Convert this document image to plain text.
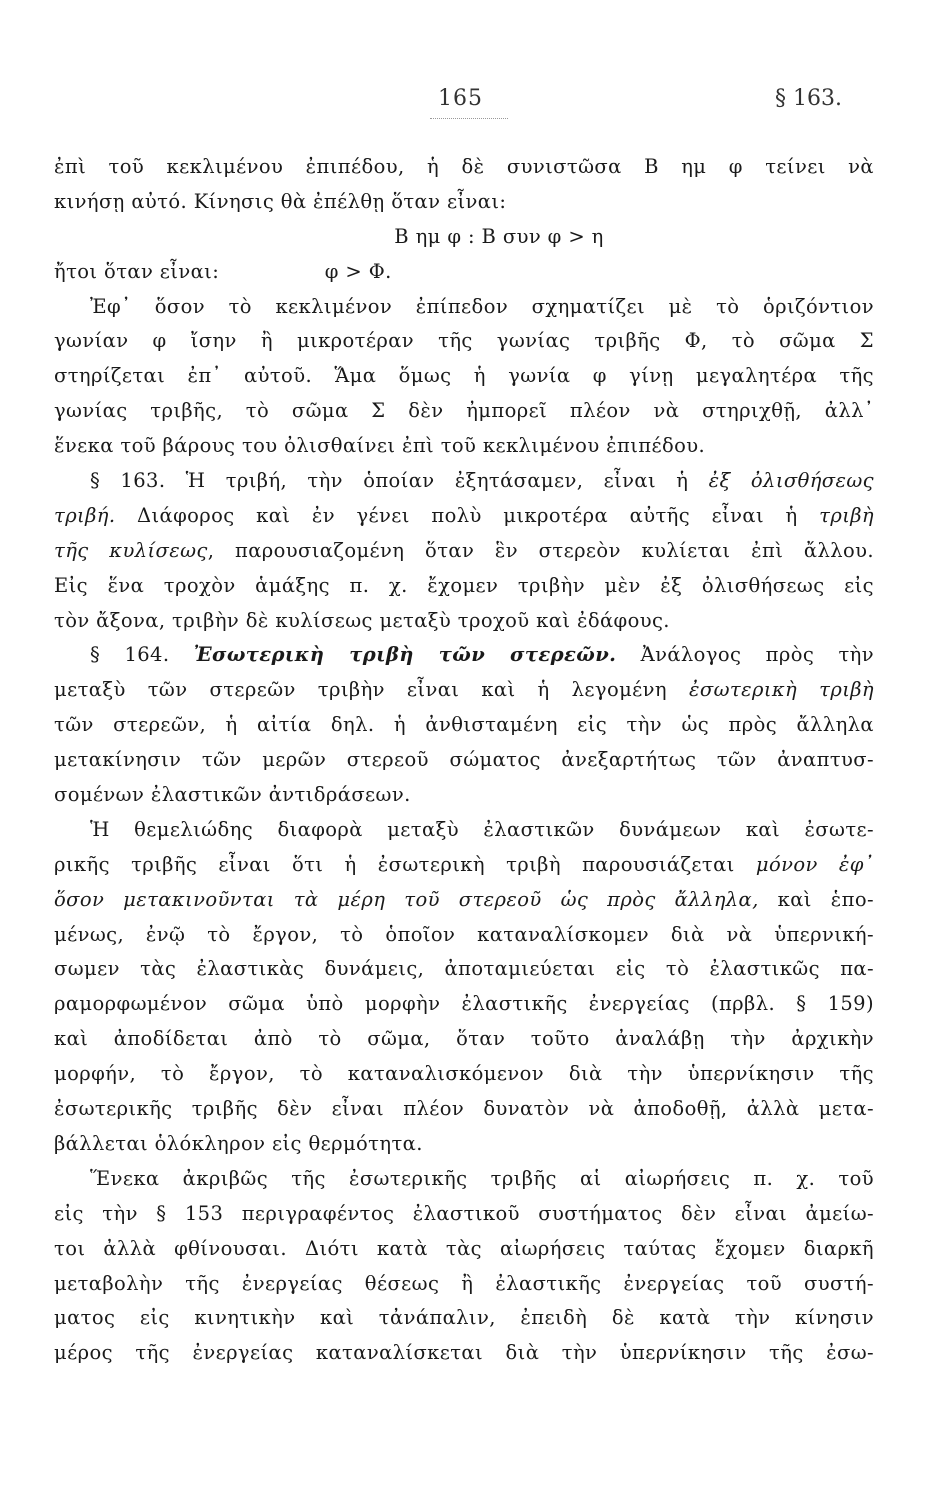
165	§ 163.
ἐπὶ τοῦ κεκλιμένου ἐπιπέδου, ἡ δὲ συνιστῶσα B ημ φ τείνει νὰ
κινήσῃ αὐτό. Κίνησις θὰ ἐπέλθῃ ὅταν εἶναι:
B ημ φ : B συν φ > η
ἤτοι ὅταν εἶναι:                φ > Φ.
Ἐφ᾽ ὅσον τὸ κεκλιμένον ἐπίπεδον σχηματίζει μὲ τὸ ὁριζόντιον
γωνίαν φ ἴσην ἢ μικροτέραν τῆς γωνίας τριβῆς Φ, τὸ σῶμα Σ
στηρίζεται ἐπ᾽ αὐτοῦ. Ἅμα ὅμως ἡ γωνία φ γίνῃ μεγαλητέρα τῆς
γωνίας τριβῆς, τὸ σῶμα Σ δὲν ἠμπορεῖ πλέον νὰ στηριχθῇ, ἀλλ᾽
ἕνεκα τοῦ βάρους του ὀλισθαίνει ἐπὶ τοῦ κεκλιμένου ἐπιπέδου.
§ 163. Ἡ τριβή, τὴν ὁποίαν ἐξητάσαμεν, εἶναι ἡ ἐξ ὀλισθήσεως
τριβή. Διάφορος καὶ ἐν γένει πολὺ μικροτέρα αὐτῆς εἶναι ἡ τριβὴ
τῆς κυλίσεως, παρουσιαζομένη ὅταν ἓν στερεὸν κυλίεται ἐπὶ ἄλλου.
Εἰς ἕνα τροχὸν ἁμάξης π. χ. ἔχομεν τριβὴν μὲν ἐξ ὀλισθήσεως εἰς
τὸν ἄξονα, τριβὴν δὲ κυλίσεως μεταξὺ τροχοῦ καὶ ἐδάφους.
§ 164. Ἐσωτερικὴ τριβὴ τῶν στερεῶν. Ἀνάλογος πρὸς τὴν
μεταξὺ τῶν στερεῶν τριβὴν εἶναι καὶ ἡ λεγομένη ἐσωτερικὴ τριβὴ
τῶν στερεῶν, ἡ αἰτία δηλ. ἡ ἀνθισταμένη εἰς τὴν ὡς πρὸς ἄλληλα
μετακίνησιν τῶν μερῶν στερεοῦ σώματος ἀνεξαρτήτως τῶν ἀναπτυσ-
σομένων ἐλαστικῶν ἀντιδράσεων.
Ἡ θεμελιώδης διαφορὰ μεταξὺ ἐλαστικῶν δυνάμεων καὶ ἐσωτε-
ρικῆς τριβῆς εἶναι ὅτι ἡ ἐσωτερικὴ τριβὴ παρουσιάζεται μόνον ἐφ᾽
ὅσον μετακινοῦνται τὰ μέρη τοῦ στερεοῦ ὡς πρὸς ἄλληλα, καὶ ἑπο-
μένως, ἐνῷ τὸ ἔργον, τὸ ὁποῖον καταναλίσκομεν διὰ νὰ ὑπερνική-
σωμεν τὰς ἐλαστικὰς δυνάμεις, ἀποταμιεύεται εἰς τὸ ἐλαστικῶς πα-
ραμορφωμένον σῶμα ὑπὸ μορφὴν ἐλαστικῆς ἐνεργείας (πρβλ. § 159)
καὶ ἀποδίδεται ἀπὸ τὸ σῶμα, ὅταν τοῦτο ἀναλάβῃ τὴν ἀρχικὴν
μορφήν, τὸ ἔργον, τὸ καταναλισκόμενον διὰ τὴν ὑπερνίκησιν τῆς
ἐσωτερικῆς τριβῆς δὲν εἶναι πλέον δυνατὸν νὰ ἀποδοθῇ, ἀλλὰ μετα-
βάλλεται ὁλόκληρον εἰς θερμότητα.
Ἕνεκα ἀκριβῶς τῆς ἐσωτερικῆς τριβῆς αἱ αἰωρήσεις π. χ. τοῦ
εἰς τὴν § 153 περιγραφέντος ἐλαστικοῦ συστήματος δὲν εἶναι ἀμείω-
τοι ἀλλὰ φθίνουσαι. Διότι κατὰ τὰς αἰωρήσεις ταύτας ἔχομεν διαρκῆ
μεταβολὴν τῆς ἐνεργείας θέσεως ἢ ἐλαστικῆς ἐνεργείας τοῦ συστή-
ματος εἰς κινητικὴν καὶ τἀνάπαλιν, ἐπειδὴ δὲ κατὰ τὴν κίνησιν
μέρος τῆς ἐνεργείας καταναλίσκεται διὰ τὴν ὑπερνίκησιν τῆς ἐσω-
